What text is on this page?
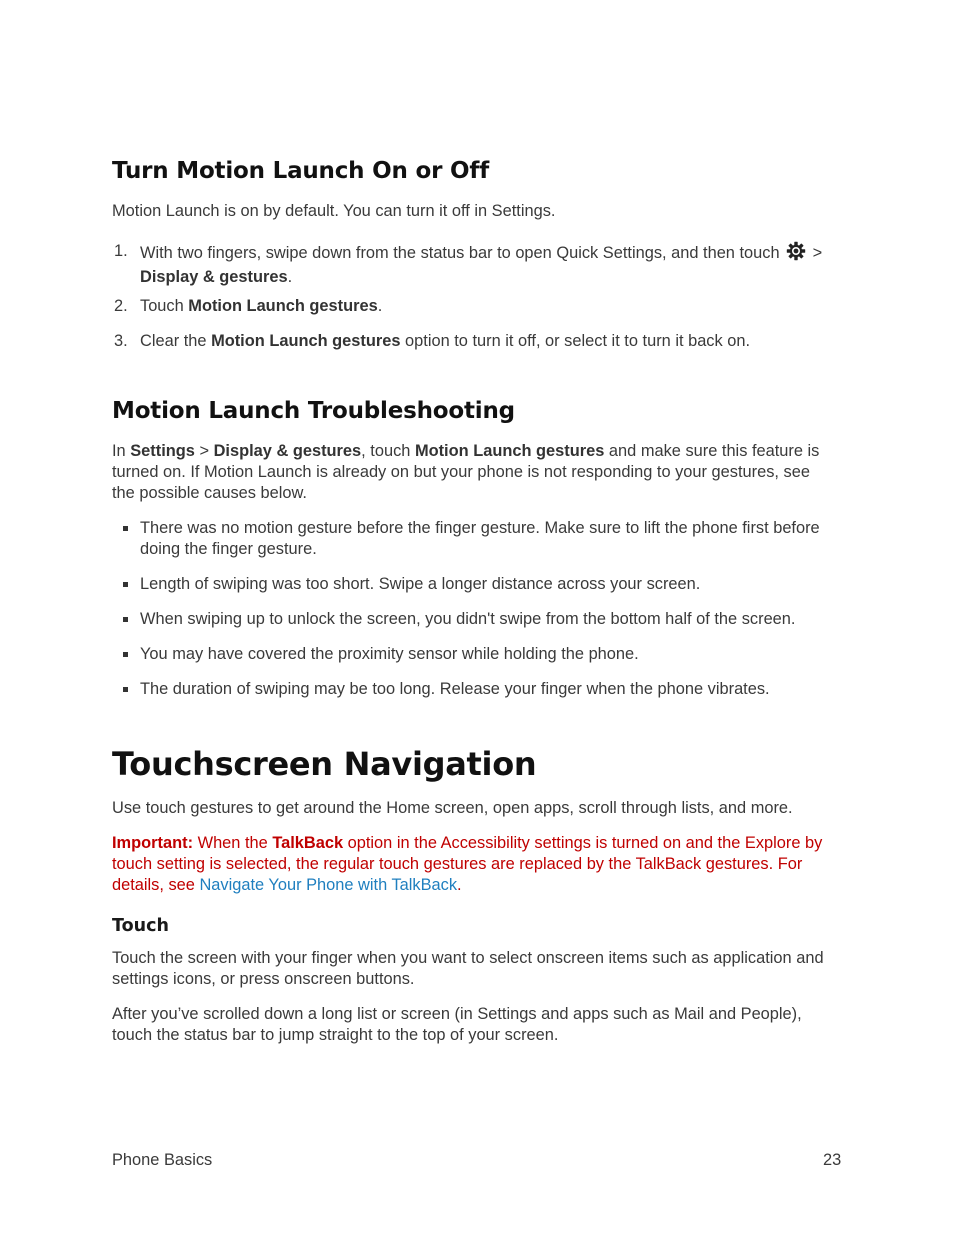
Turn Motion Launch On or Off

Motion Launch is on by default. You can turn it off in Settings.

1. With two fingers, swipe down from the status bar to open Quick Settings, and then touch  >
Display & gestures.
2. Touch Motion Launch gestures.
3. Clear the Motion Launch gestures option to turn it off, or select it to turn it back on.
Motion Launch Troubleshooting

In Settings > Display & gestures, touch Motion Launch gestures and make sure this feature is turned on. If Motion Launch is already on but your phone is not responding to your gestures, see the possible causes below.

There was no motion gesture before the finger gesture. Make sure to lift the phone first before doing the finger gesture.
Length of swiping was too short. Swipe a longer distance across your screen.
When swiping up to unlock the screen, you didn't swipe from the bottom half of the screen.
You may have covered the proximity sensor while holding the phone.
The duration of swiping may be too long. Release your finger when the phone vibrates.
Touchscreen Navigation

Use touch gestures to get around the Home screen, open apps, scroll through lists, and more.

Important: When the TalkBack option in the Accessibility settings is turned on and the Explore by touch setting is selected, the regular touch gestures are replaced by the TalkBack gestures. For details, see Navigate Your Phone with TalkBack.

Touch

Touch the screen with your finger when you want to select onscreen items such as application and settings icons, or press onscreen buttons.

After you’ve scrolled down a long list or screen (in Settings and apps such as Mail and People), touch the status bar to jump straight to the top of your screen.

Phone Basics	23
